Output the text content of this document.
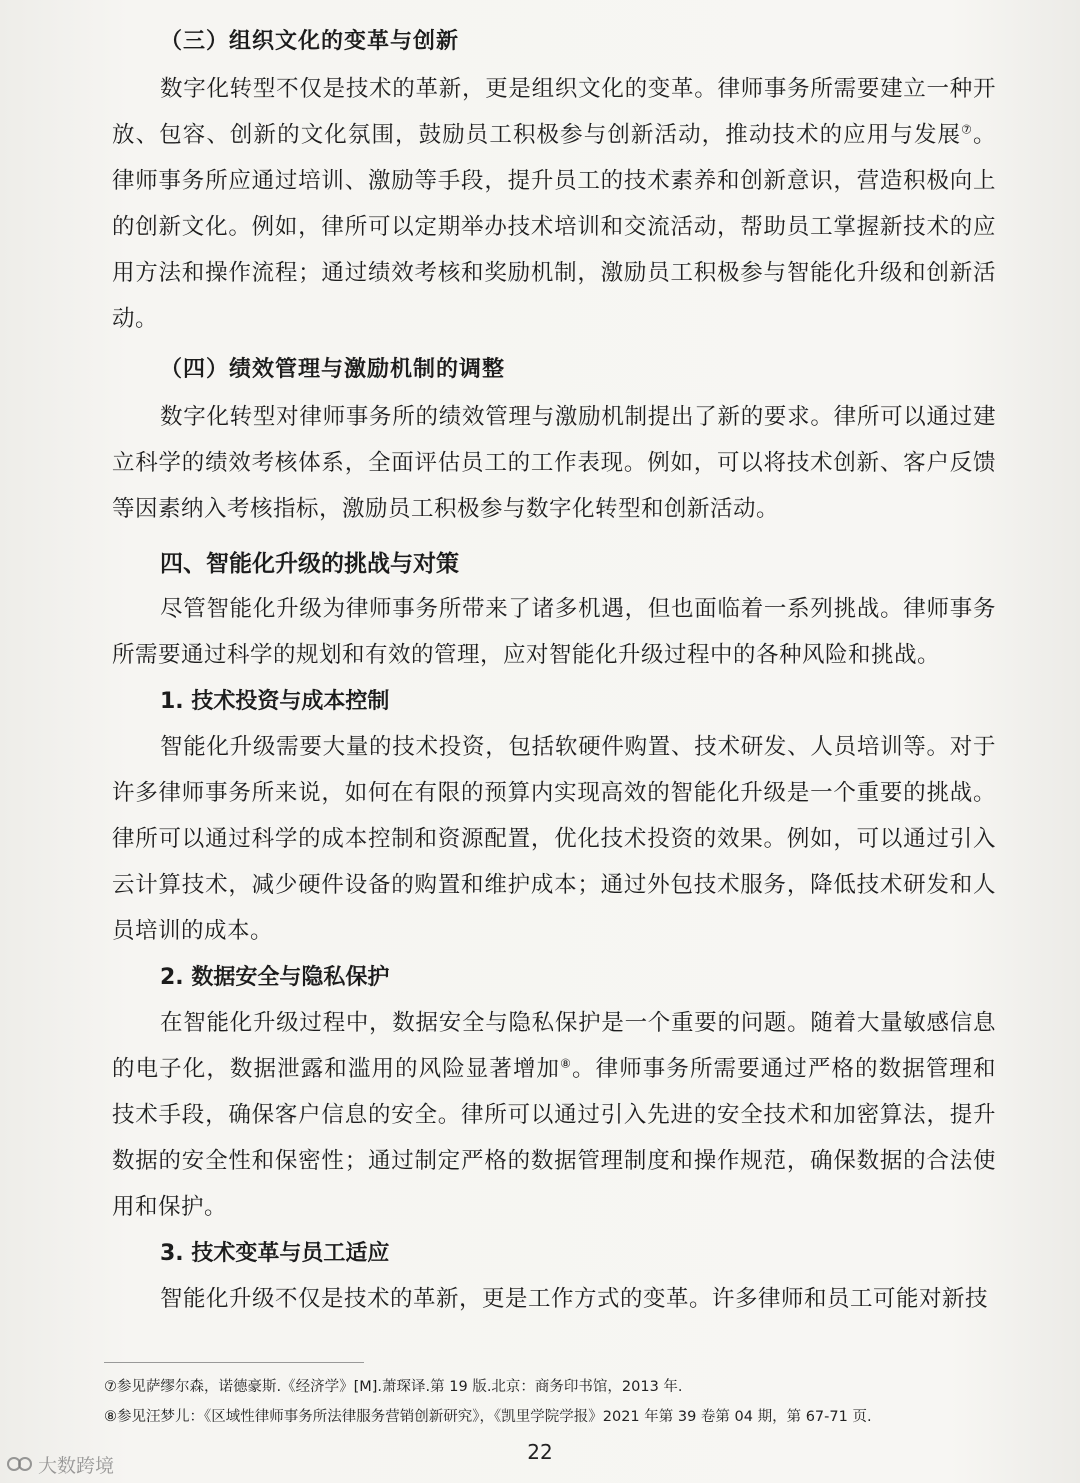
（三）组织文化的变革与创新

数字化转型不仅是技术的革新，更是组织文化的变革。律师事务所需要建立一种开放、包容、创新的文化氛围，鼓励员工积极参与创新活动，推动技术的应用与发展⑦。律师事务所应通过培训、激励等手段，提升员工的技术素养和创新意识，营造积极向上的创新文化。例如，律所可以定期举办技术培训和交流活动，帮助员工掌握新技术的应用方法和操作流程；通过绩效考核和奖励机制，激励员工积极参与智能化升级和创新活动。

（四）绩效管理与激励机制的调整

数字化转型对律师事务所的绩效管理与激励机制提出了新的要求。律所可以通过建立科学的绩效考核体系，全面评估员工的工作表现。例如，可以将技术创新、客户反馈等因素纳入考核指标，激励员工积极参与数字化转型和创新活动。

四、智能化升级的挑战与对策

尽管智能化升级为律师事务所带来了诸多机遇，但也面临着一系列挑战。律师事务所需要通过科学的规划和有效的管理，应对智能化升级过程中的各种风险和挑战。

1. 技术投资与成本控制

智能化升级需要大量的技术投资，包括软硬件购置、技术研发、人员培训等。对于许多律师事务所来说，如何在有限的预算内实现高效的智能化升级是一个重要的挑战。律所可以通过科学的成本控制和资源配置，优化技术投资的效果。例如，可以通过引入云计算技术，减少硬件设备的购置和维护成本；通过外包技术服务，降低技术研发和人员培训的成本。

2. 数据安全与隐私保护

在智能化升级过程中，数据安全与隐私保护是一个重要的问题。随着大量敏感信息的电子化，数据泄露和滥用的风险显著增加⑧。律师事务所需要通过严格的数据管理和技术手段，确保客户信息的安全。律所可以通过引入先进的安全技术和加密算法，提升数据的安全性和保密性；通过制定严格的数据管理制度和操作规范，确保数据的合法使用和保护。

3. 技术变革与员工适应

智能化升级不仅是技术的革新，更是工作方式的变革。许多律师和员工可能对新技

⑦参见萨缪尔森，诺德豪斯.《经济学》[M].萧琛译.第 19 版.北京：商务印书馆，2013 年.
⑧参见汪梦儿：《区域性律师事务所法律服务营销创新研究》，《凯里学院学报》2021 年第 39 卷第 04 期，第 67-71 页.
22
大数跨境
